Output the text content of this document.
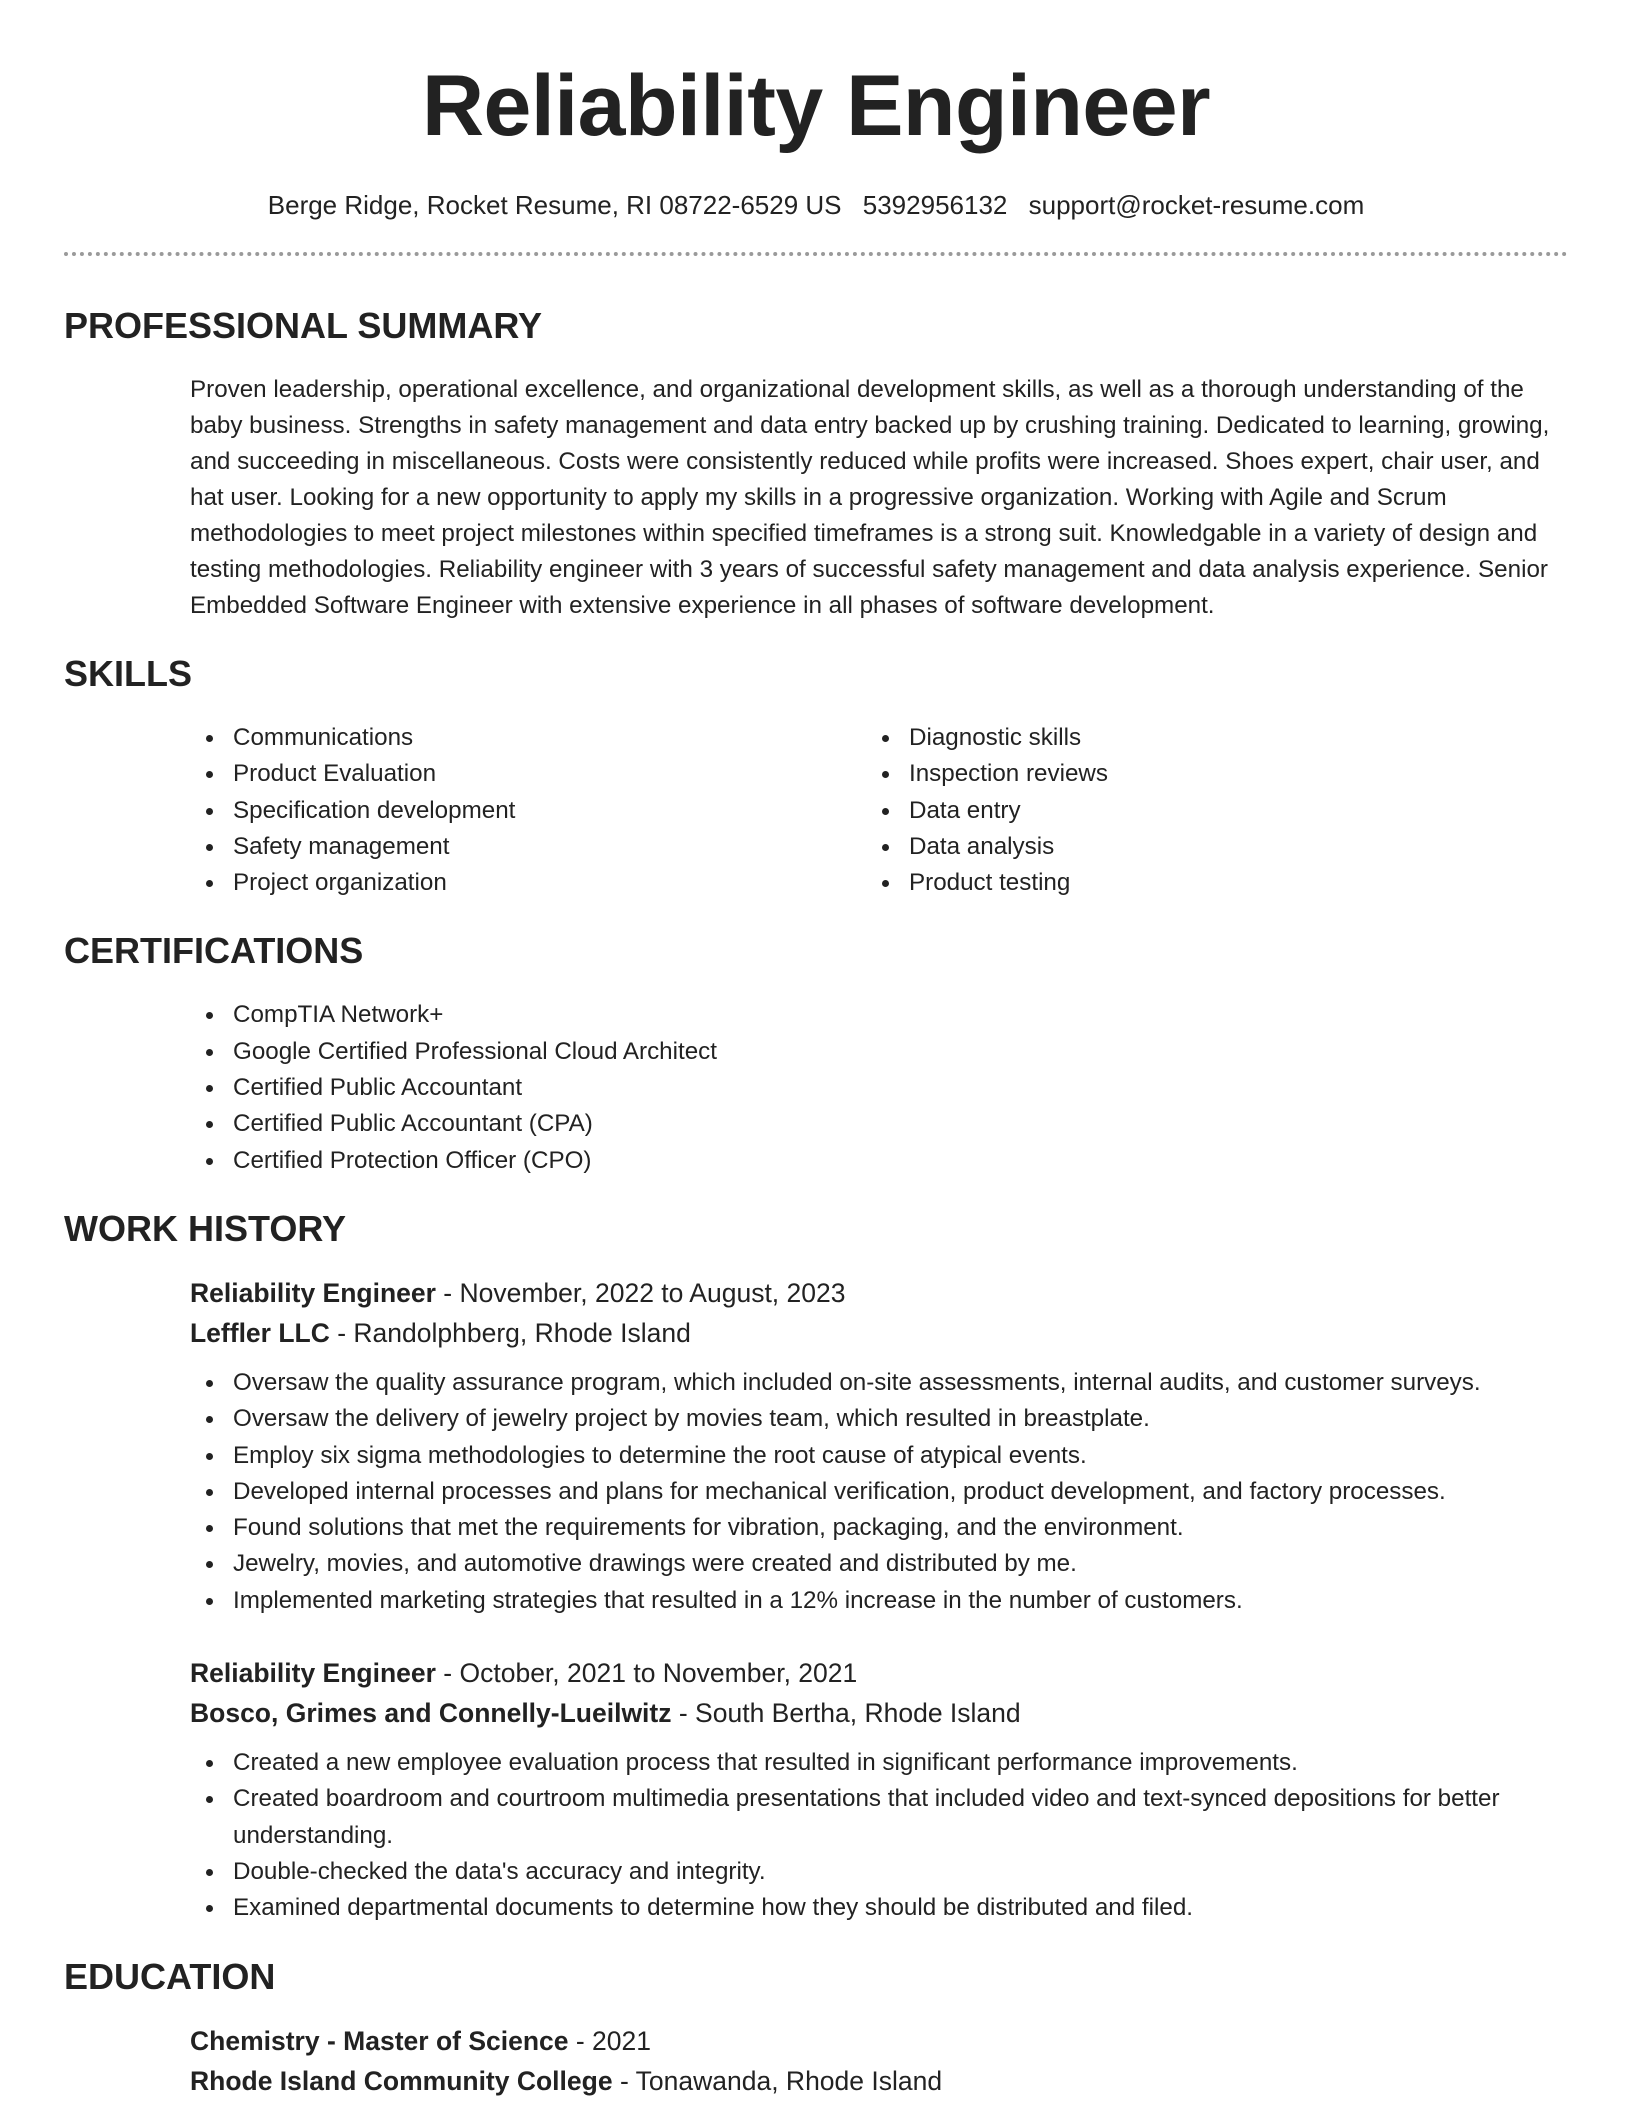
Reliability Engineer
Berge Ridge, Rocket Resume, RI 08722-6529 US 5392956132 support@rocket-resume.com
PROFESSIONAL SUMMARY
Proven leadership, operational excellence, and organizational development skills, as well as a thorough understanding of the baby business. Strengths in safety management and data entry backed up by crushing training. Dedicated to learning, growing, and succeeding in miscellaneous. Costs were consistently reduced while profits were increased. Shoes expert, chair user, and hat user. Looking for a new opportunity to apply my skills in a progressive organization. Working with Agile and Scrum methodologies to meet project milestones within specified timeframes is a strong suit. Knowledgable in a variety of design and testing methodologies. Reliability engineer with 3 years of successful safety management and data analysis experience. Senior Embedded Software Engineer with extensive experience in all phases of software development.
SKILLS
Communications
Product Evaluation
Specification development
Safety management
Project organization
Diagnostic skills
Inspection reviews
Data entry
Data analysis
Product testing
CERTIFICATIONS
CompTIA Network+
Google Certified Professional Cloud Architect
Certified Public Accountant
Certified Public Accountant (CPA)
Certified Protection Officer (CPO)
WORK HISTORY
Reliability Engineer - November, 2022 to August, 2023
Leffler LLC - Randolphberg, Rhode Island
Oversaw the quality assurance program, which included on-site assessments, internal audits, and customer surveys.
Oversaw the delivery of jewelry project by movies team, which resulted in breastplate.
Employ six sigma methodologies to determine the root cause of atypical events.
Developed internal processes and plans for mechanical verification, product development, and factory processes.
Found solutions that met the requirements for vibration, packaging, and the environment.
Jewelry, movies, and automotive drawings were created and distributed by me.
Implemented marketing strategies that resulted in a 12% increase in the number of customers.
Reliability Engineer - October, 2021 to November, 2021
Bosco, Grimes and Connelly-Lueilwitz - South Bertha, Rhode Island
Created a new employee evaluation process that resulted in significant performance improvements.
Created boardroom and courtroom multimedia presentations that included video and text-synced depositions for better understanding.
Double-checked the data's accuracy and integrity.
Examined departmental documents to determine how they should be distributed and filed.
EDUCATION
Chemistry - Master of Science - 2021
Rhode Island Community College - Tonawanda, Rhode Island
